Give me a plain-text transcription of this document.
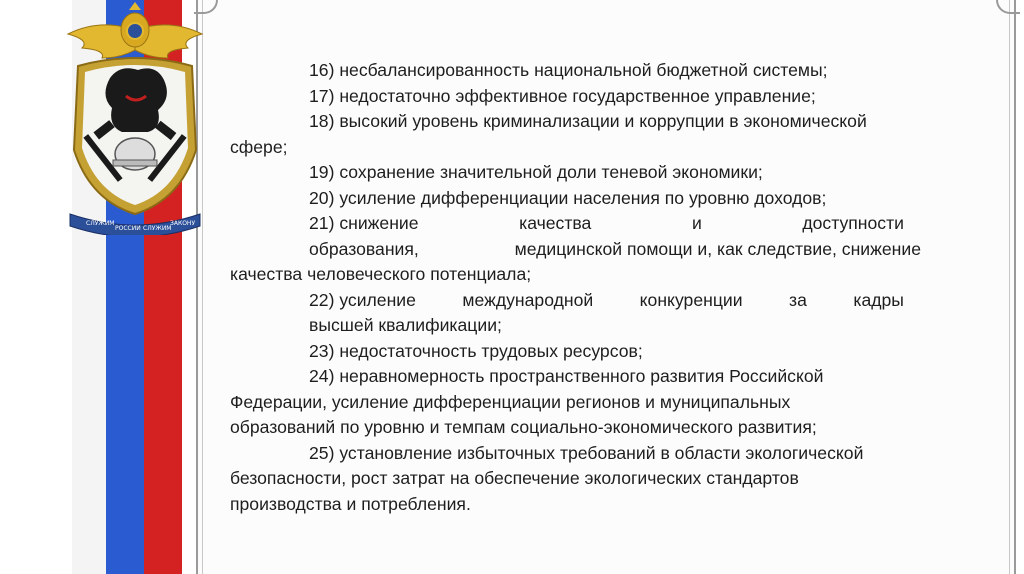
СЛУЖИМ
РОССИИ СЛУЖИМ
ЗАКОНУ
16) несбалансированность национальной бюджетной системы;
17) недостаточно эффективное государственное управление;
18) высокий уровень криминализации и коррупции в экономической
сфере;
19) сохранение значительной доли теневой экономики;
20) усиление дифференциации населения по уровню доходов;
21) снижение	качества	и	доступности
образования,	медицинской помощи и, как следствие, снижение
качества человеческого потенциала;
22) усиление	международной	конкуренции	за	кадры
высшей квалификации;
23) недостаточность трудовых ресурсов;
24) неравномерность пространственного развития Российской
Федерации, усиление дифференциации регионов и муниципальных
образований по уровню и темпам социально-экономического развития;
25) установление избыточных требований в области экологической
безопасности, рост затрат на обеспечение экологических стандартов
производства и потребления.
